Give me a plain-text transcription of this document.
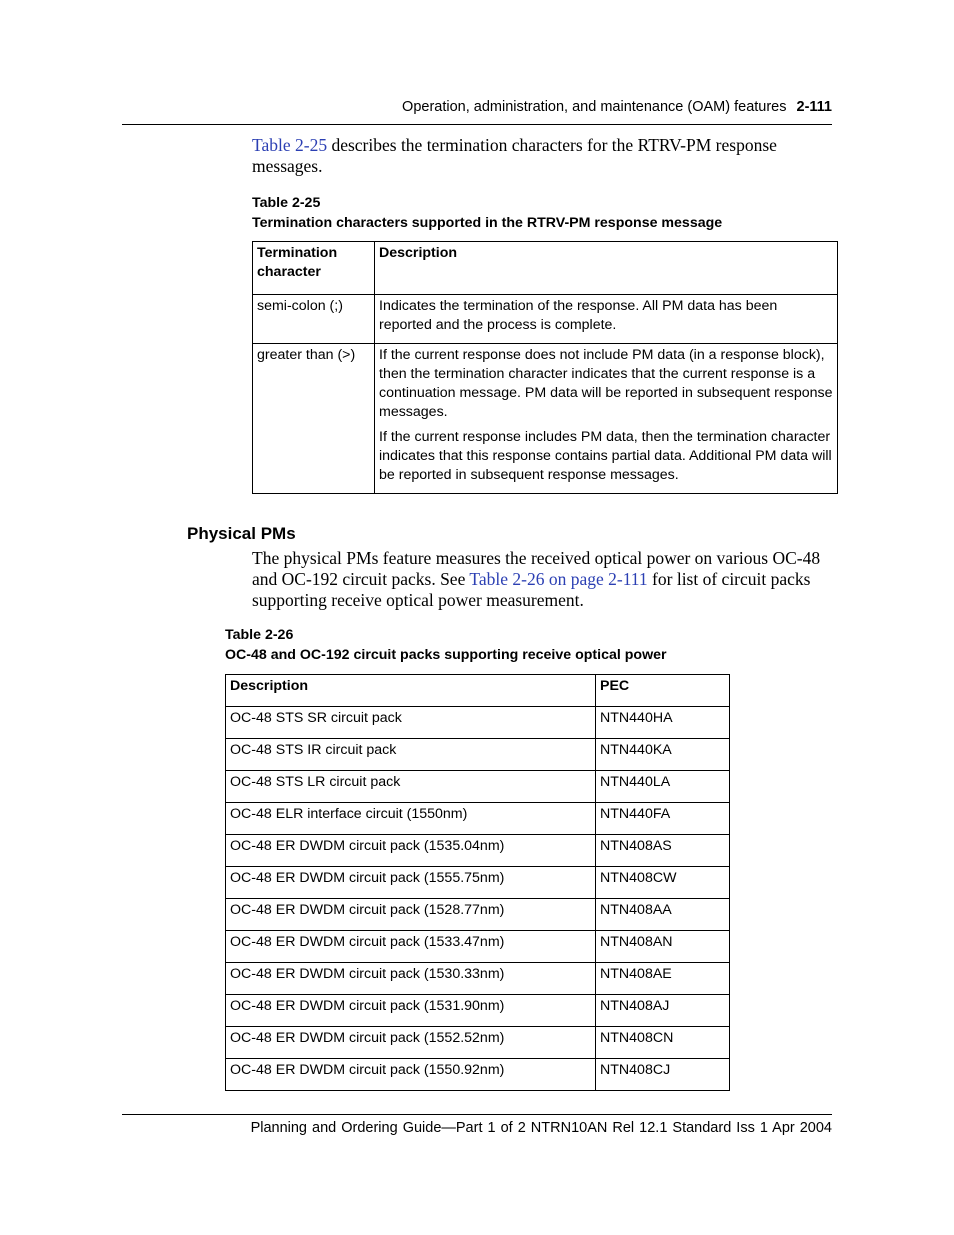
Operation, administration, and maintenance (OAM) features 2-111
Table 2-25 describes the termination characters for the RTRV-PM response messages.
Table 2-25
Termination characters supported in the RTRV-PM response message
Termination character	Description
semi-colon (;)	Indicates the termination of the response. All PM data has been reported and the process is complete.

greater than (>)	If the current response does not include PM data (in a response block), then the termination character indicates that the current response is a continuation message. PM data will be reported in subsequent response messages.

If the current response includes PM data, then the termination character indicates that this response contains partial data. Additional PM data will be reported in subsequent response messages.

Physical PMs
The physical PMs feature measures the received optical power on various OC-48 and OC-192 circuit packs. See Table 2-26 on page 2-111 for list of circuit packs supporting receive optical power measurement.
Table 2-26
OC-48 and OC-192 circuit packs supporting receive optical power
Description	PEC
OC-48 STS SR circuit pack	NTN440HA
OC-48 STS IR circuit pack	NTN440KA
OC-48 STS LR circuit pack	NTN440LA
OC-48 ELR interface circuit (1550nm)	NTN440FA
OC-48 ER DWDM circuit pack (1535.04nm)	NTN408AS
OC-48 ER DWDM circuit pack (1555.75nm)	NTN408CW
OC-48 ER DWDM circuit pack (1528.77nm)	NTN408AA
OC-48 ER DWDM circuit pack (1533.47nm)	NTN408AN
OC-48 ER DWDM circuit pack (1530.33nm)	NTN408AE
OC-48 ER DWDM circuit pack (1531.90nm)	NTN408AJ
OC-48 ER DWDM circuit pack (1552.52nm)	NTN408CN
OC-48 ER DWDM circuit pack (1550.92nm)	NTN408CJ
Planning and Ordering Guide—Part 1 of 2 NTRN10AN Rel 12.1 Standard Iss 1 Apr 2004
